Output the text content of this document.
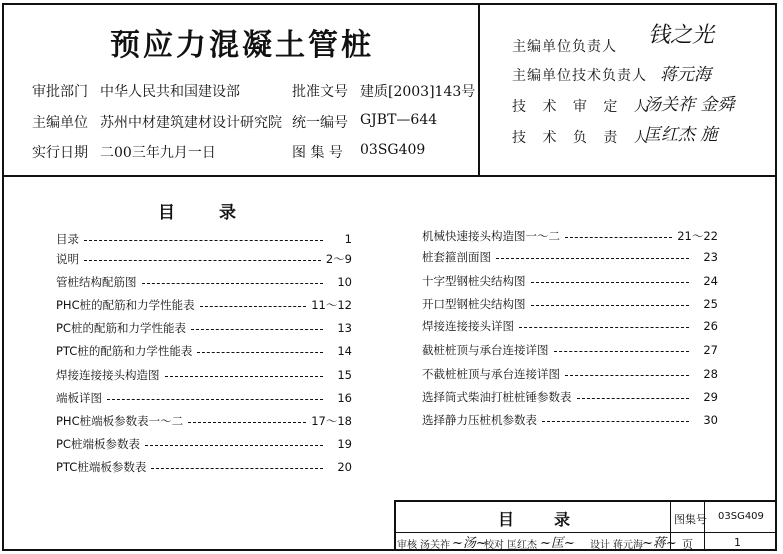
预应力混凝土管桩
审批部门 中华人民共和国建设部	批准文号 建质[2003]143号
主编单位 苏州中材建筑建材设计研究院 统一编号 GJBT—644
实行日期 二00三年九月一日	图 集 号 03SG409
主编单位负责人 钱之光
主编单位技术负责人 蒋元海
技 术 审 定 人
汤关祚 金舜
技 术 负 责 人
匡红杰 施
目	录
目录	1
说明	2～9
管桩结构配筋图	10
PHC桩的配筋和力学性能表	11～12
PC桩的配筋和力学性能表	13
PTC桩的配筋和力学性能表	14
焊接连接接头构造图	15
端板详图	16
PHC桩端板参数表一～二	17～18
PC桩端板参数表	19
PTC桩端板参数表	20
机械快速接头构造图一～二	21～22
桩套箍剖面图	23
十字型钢桩尖结构图	24
开口型钢桩尖结构图	25
焊接连接接头详图	26
截桩桩顶与承台连接详图	27
不截桩桩顶与承台连接详图	28
选择筒式柴油打桩桩锤参数表	29
选择静力压桩机参数表	30
目	录	图集号 03SG409
页	1
审核 汤关祚 ~汤~
校对 匡红杰 ~匡~ 设计 蒋元海 ~蒋~
